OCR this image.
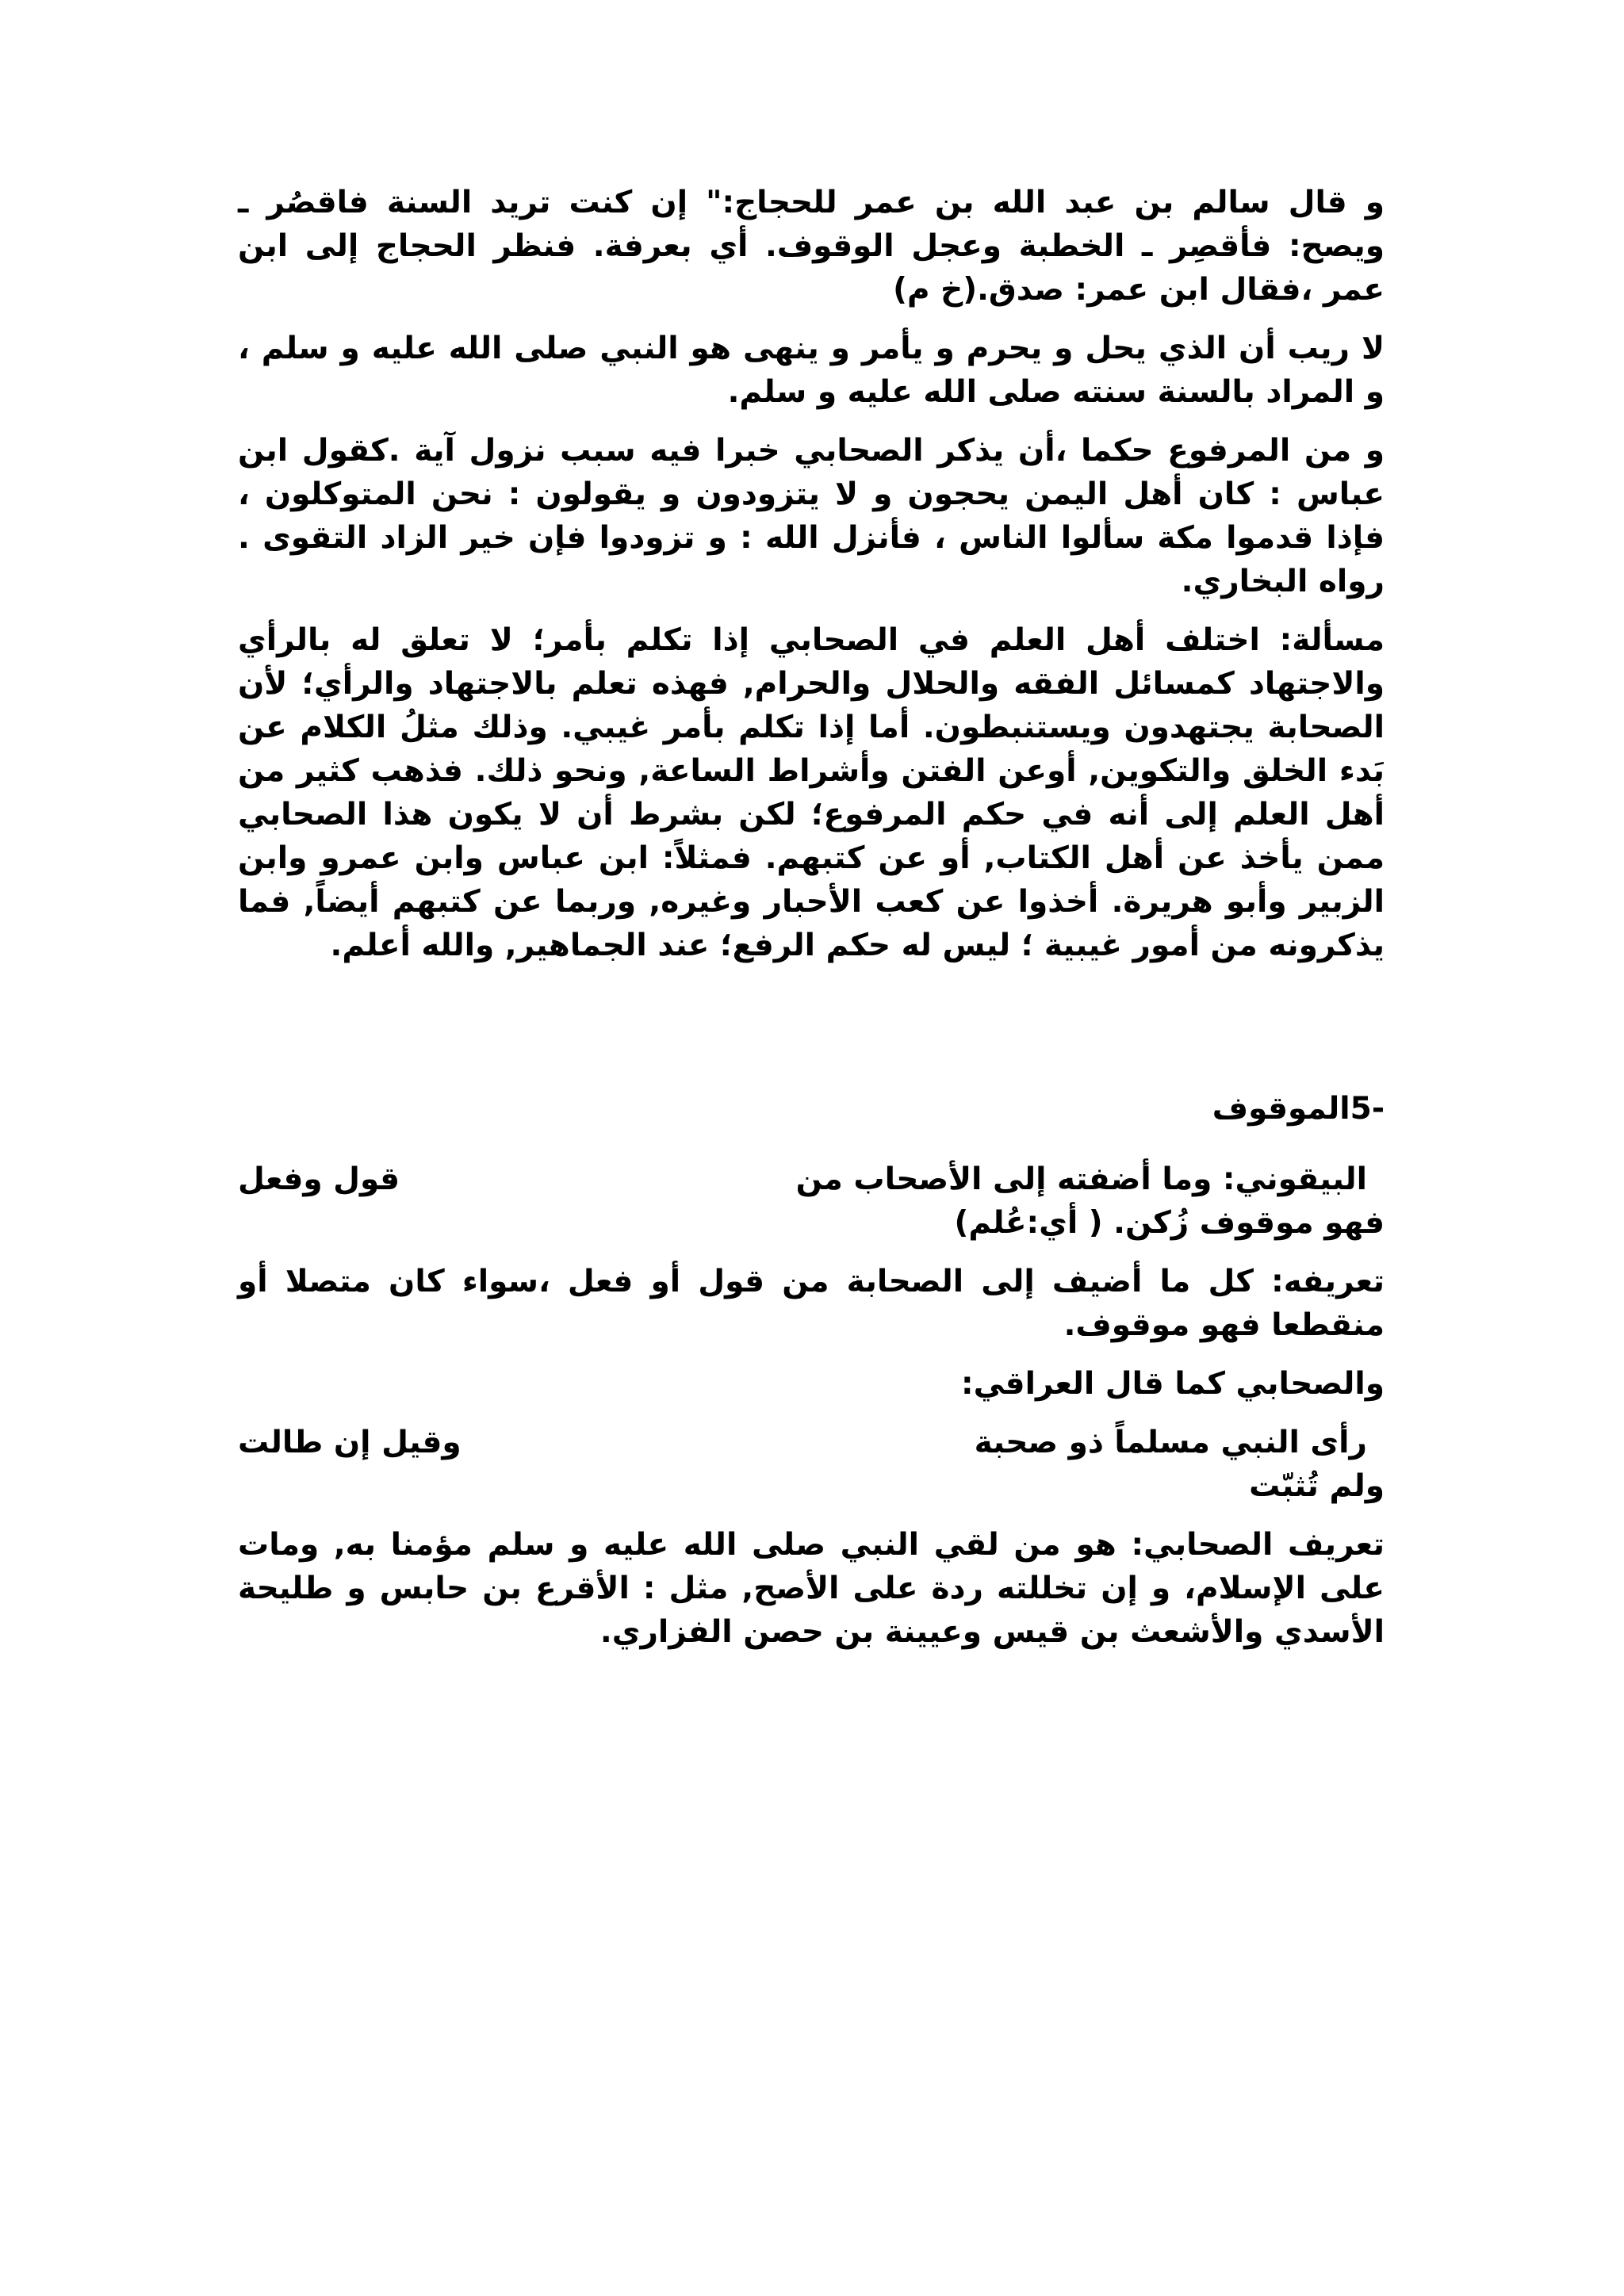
و قال سالم بن عبد الله بن عمر للحجاج:" إن كنت تريد السنة فاقصُر ـ ويصح: فأقصِر ـ الخطبة وعجل الوقوف. أي بعرفة. فنظر الحجاج إلى ابن عمر ،فقال ابن عمر: صدق.(خ م)

لا ريب أن الذي يحل و يحرم و يأمر و ينهى هو النبي صلى الله عليه و سلم ، و المراد بالسنة سنته صلى الله عليه و سلم.

و من المرفوع حكما ،أن يذكر الصحابي خبرا فيه سبب نزول آية .كقول ابن عباس : كان أهل اليمن يحجون و لا يتزودون و يقولون : نحن المتوكلون ، فإذا قدموا مكة سألوا الناس ، فأنزل الله : و تزودوا فإن خير الزاد التقوى . رواه البخاري.

مسألة: اختلف أهل العلم في الصحابي إذا تكلم بأمر؛ لا تعلق له بالرأي والاجتهاد كمسائل الفقه والحلال والحرام, فهذه تعلم بالاجتهاد والرأي؛ لأن الصحابة يجتهدون ويستنبطون. أما إذا تكلم بأمر غيبي. وذلك مثلُ الكلام عن بَدء الخلق والتكوين, أوعن الفتن وأشراط الساعة, ونحو ذلك. فذهب كثير من أهل العلم إلى أنه في حكم المرفوع؛ لكن بشرط أن لا يكون هذا الصحابي ممن يأخذ عن أهل الكتاب, أو عن كتبهم. فمثلاً: ابن عباس وابن عمرو وابن الزبير وأبو هريرة. أخذوا عن كعب الأحبار وغيره, وربما عن كتبهم أيضاً, فما يذكرونه من أمور غيبية ؛ ليس له حكم الرفع؛ عند الجماهير, والله أعلم.

-5الموقوف

البيقوني: وما أضفته إلى الأصحاب من
قول وفعل

فهو موقوف زُكن. ( أي:عُلم)

تعريفه: كل ما أضيف إلى الصحابة من قول أو فعل ،سواء كان متصلا أو منقطعا فهو موقوف.

والصحابي كما قال العراقي:

رأى النبي مسلماً ذو صحبة
وقيل إن طالت

ولم تُثبّت

تعريف الصحابي: هو من لقي النبي صلى الله عليه و سلم مؤمنا به, ومات على الإسلام، و إن تخللته ردة على الأصح, مثل : الأقرع بن حابس و طليحة الأسدي والأشعث بن قيس وعيينة بن حصن الفزاري.
